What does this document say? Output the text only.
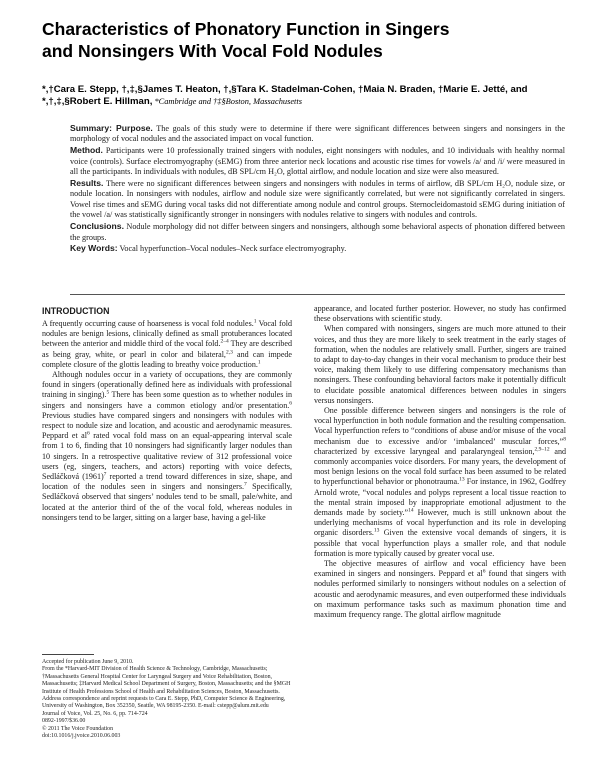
Characteristics of Phonatory Function in Singers
and Nonsingers With Vocal Fold Nodules
*,†Cara E. Stepp, †,‡,§James T. Heaton, †,§Tara K. Stadelman-Cohen, †Maia N. Braden, †Marie E. Jetté, and *,†,‡,§Robert E. Hillman, *Cambridge and †‡§Boston, Massachusetts

Summary: Purpose. The goals of this study were to determine if there were significant differences between singers and nonsingers in the morphology of vocal nodules and the associated impact on vocal function.

Method. Participants were 10 professionally trained singers with nodules, eight nonsingers with nodules, and 10 individuals with healthy normal voice (controls). Surface electromyography (sEMG) from three anterior neck locations and acoustic rise times for vowels /a/ and /i/ were measured in all the participants. In individuals with nodules, dB SPL/cm H₂O, glottal airflow, and nodule location and size were also measured.

Results. There were no significant differences between singers and nonsingers with nodules in terms of airflow, dB SPL/cm H₂O, nodule size, or nodule location. In nonsingers with nodules, airflow and nodule size were significantly correlated, but were not significantly correlated in singers. Vowel rise times and sEMG during vocal tasks did not differentiate among nodule and control groups. Sternocleidomastoid sEMG during initiation of the vowel /a/ was statistically significantly stronger in nonsingers with nodules relative to singers with nodules and controls.

Conclusions. Nodule morphology did not differ between singers and nonsingers, although some behavioral aspects of phonation differed between the groups.

Key Words: Vocal hyperfunction–Vocal nodules–Neck surface electromyography.

INTRODUCTION

A frequently occurring cause of hoarseness is vocal fold nodules.$^1$ Vocal fold nodules are benign lesions, clinically defined as small protuberances located between the anterior and middle third of the vocal fold.$^{2-4}$ They are described as being gray, white, or pearl in color and bilateral,$^{2,3}$ and can impede complete closure of the glottis leading to breathy voice production.$^1$

Although nodules occur in a variety of occupations, they are commonly found in singers (operationally defined here as individuals with professional training in singing).$^5$ There has been some question as to whether nodules in singers and nonsingers have a common etiology and/or presentation.$^6$ Previous studies have compared singers and nonsingers with nodules with respect to nodule size and location, and acoustic and aerodynamic measures. Peppard et $al^6$ rated vocal fold mass on an equal-appearing interval scale from 1 to 6, finding that 10 nonsingers had significantly larger nodules than 10 singers. In a retrospective qualitative review of 312 professional voice users (eg, singers, teachers, and actors) reporting with voice defects, Sedláčková $(1961)^7$ reported a trend toward differences in size, shape, and location of the nodules seen in singers and nonsingers.$^7$ Specifically, Sedláčková observed that singers’ nodules tend to be small, pale/white, and located at the anterior third of the of the vocal fold, whereas nodules in nonsingers tend to be larger, sitting on a larger base, having a gel-like

Accepted for publication June 9, 2010.

From the *Harvard-MIT Division of Health Science & Technology, Cambridge, Massachusetts; †Massachusetts General Hospital Center for Laryngeal Surgery and Voice Rehabilitation, Boston, Massachusetts; ‡Harvard Medical School Department of Surgery, Boston, Massachusetts; and the §MGH Institute of Health Professions School of Health and Rehabilitation Sciences, Boston, Massachusetts.

Address correspondence and reprint requests to Cara E. Stepp, PhD, Computer Science & Engineering, University of Washington, Box 352350, Seattle, WA 98195-2350. E-mail: cstepp@alum.mit.edu

Journal of Voice, Vol. 25, No. 6, pp. 714-724

0892-1997/$36.00

© 2011 The Voice Foundation

doi:10.1016/j.jvoice.2010.06.003

appearance, and located further posterior. However, no study has confirmed these observations with scientific study.

When compared with nonsingers, singers are much more attuned to their voices, and thus they are more likely to seek treatment in the early stages of formation, when the nodules are relatively small. Further, singers are trained to adapt to day-to-day changes in their vocal mechanism to produce their best voice, making them likely to use differing compensatory mechanisms than nonsingers. These confounding behavioral factors make it potentially difficult to elucidate possible anatomical differences between nodules in singers versus nonsingers.

One possible difference between singers and nonsingers is the role of vocal hyperfunction in both nodule formation and the resulting compensation. Vocal hyperfunction refers to “conditions of abuse and/or misuse of the vocal mechanism due to excessive and/or ‘imbalanced’ muscular forces,”$^8$ characterized by excessive laryngeal and paralaryngeal tension,$^{2,9-12}$ and commonly accompanies voice disorders. For many years, the development of most benign lesions on the vocal fold surface has been assumed to be related to hyperfunctional behavior or phonotrauma.$^{13}$ For instance, in 1962, Godfrey Arnold wrote, “vocal nodules and polyps represent a local tissue reaction to the mental strain imposed by inappropriate emotional adjustment to the demands made by society.”$^{14}$ However, much is still unknown about the underlying mechanisms of vocal hyperfunction and its role in developing organic disorders.$^{13}$ Given the extensive vocal demands of singers, it is possible that vocal hyperfunction plays a smaller role, and that nodule formation is more typically caused by greater vocal use.

The objective measures of airflow and vocal efficiency have been examined in singers and nonsingers. Peppard et $al^6$ found that singers with nodules performed similarly to nonsingers without nodules on a selection of acoustic and aerodynamic measures, and even outperformed these individuals on maximum performance tasks such as maximum phonation time and maximum frequency range. The glottal airflow magnitude
